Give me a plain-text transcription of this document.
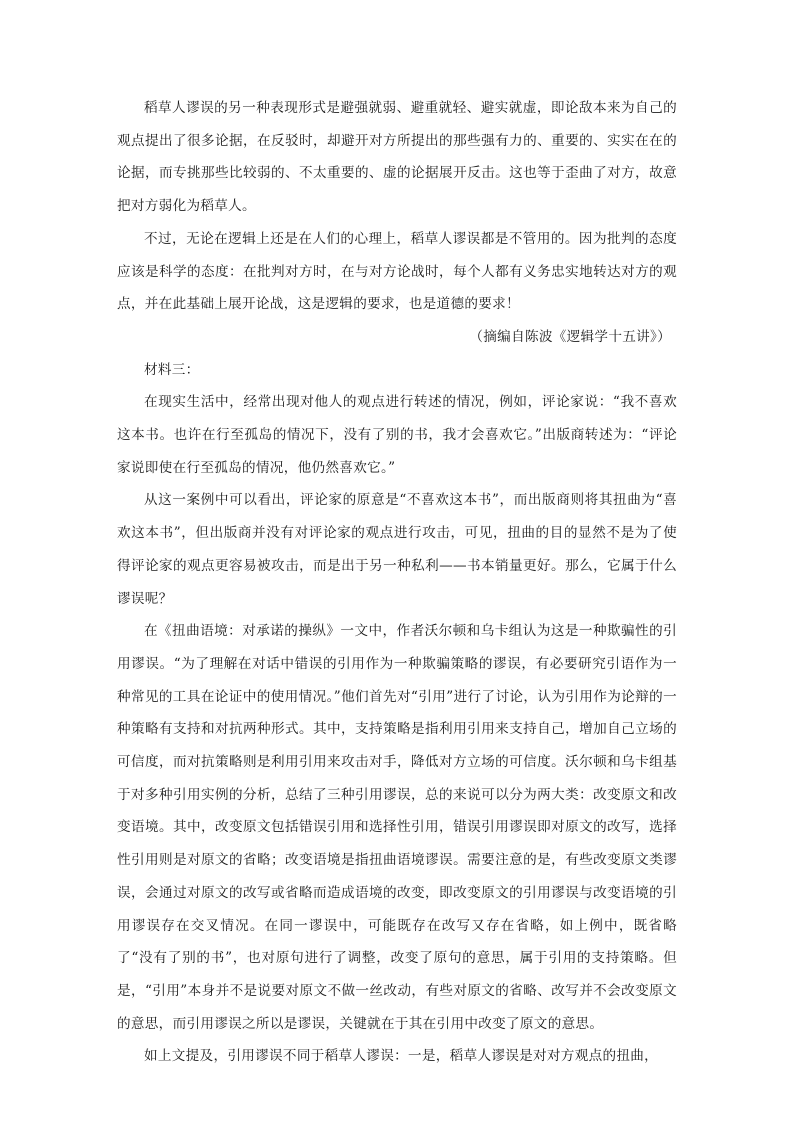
稻草人谬误的另一种表现形式是避强就弱、避重就轻、避实就虚，即论敌本来为自己的观点提出了很多论据，在反驳时，却避开对方所提出的那些强有力的、重要的、实实在在的论据，而专挑那些比较弱的、不太重要的、虚的论据展开反击。这也等于歪曲了对方，故意把对方弱化为稻草人。

不过，无论在逻辑上还是在人们的心理上，稻草人谬误都是不管用的。因为批判的态度应该是科学的态度：在批判对方时，在与对方论战时，每个人都有义务忠实地转达对方的观点，并在此基础上展开论战，这是逻辑的要求，也是道德的要求！

（摘编自陈波《逻辑学十五讲》）

材料三：

在现实生活中，经常出现对他人的观点进行转述的情况，例如，评论家说：“我不喜欢这本书。也许在行至孤岛的情况下，没有了别的书，我才会喜欢它。”出版商转述为：“评论家说即使在行至孤岛的情况，他仍然喜欢它。”

从这一案例中可以看出，评论家的原意是“不喜欢这本书”，而出版商则将其扭曲为“喜欢这本书”，但出版商并没有对评论家的观点进行攻击，可见，扭曲的目的显然不是为了使得评论家的观点更容易被攻击，而是出于另一种私利——书本销量更好。那么，它属于什么谬误呢？

在《扭曲语境：对承诺的操纵》一文中，作者沃尔顿和乌卡组认为这是一种欺骗性的引用谬误。“为了理解在对话中错误的引用作为一种欺骗策略的谬误，有必要研究引语作为一种常见的工具在论证中的使用情况。”他们首先对“引用”进行了讨论，认为引用作为论辩的一种策略有支持和对抗两种形式。其中，支持策略是指利用引用来支持自己，增加自己立场的可信度，而对抗策略则是利用引用来攻击对手，降低对方立场的可信度。沃尔顿和乌卡组基于对多种引用实例的分析，总结了三种引用谬误，总的来说可以分为两大类：改变原文和改变语境。其中，改变原文包括错误引用和选择性引用，错误引用谬误即对原文的改写，选择性引用则是对原文的省略；改变语境是指扭曲语境谬误。需要注意的是，有些改变原文类谬误，会通过对原文的改写或省略而造成语境的改变，即改变原文的引用谬误与改变语境的引用谬误存在交叉情况。在同一谬误中，可能既存在改写又存在省略，如上例中，既省略了“没有了别的书”，也对原句进行了调整，改变了原句的意思，属于引用的支持策略。但是，“引用”本身并不是说要对原文不做一丝改动，有些对原文的省略、改写并不会改变原文的意思，而引用谬误之所以是谬误，关键就在于其在引用中改变了原文的意思。

如上文提及，引用谬误不同于稻草人谬误：一是，稻草人谬误是对对方观点的扭曲，
